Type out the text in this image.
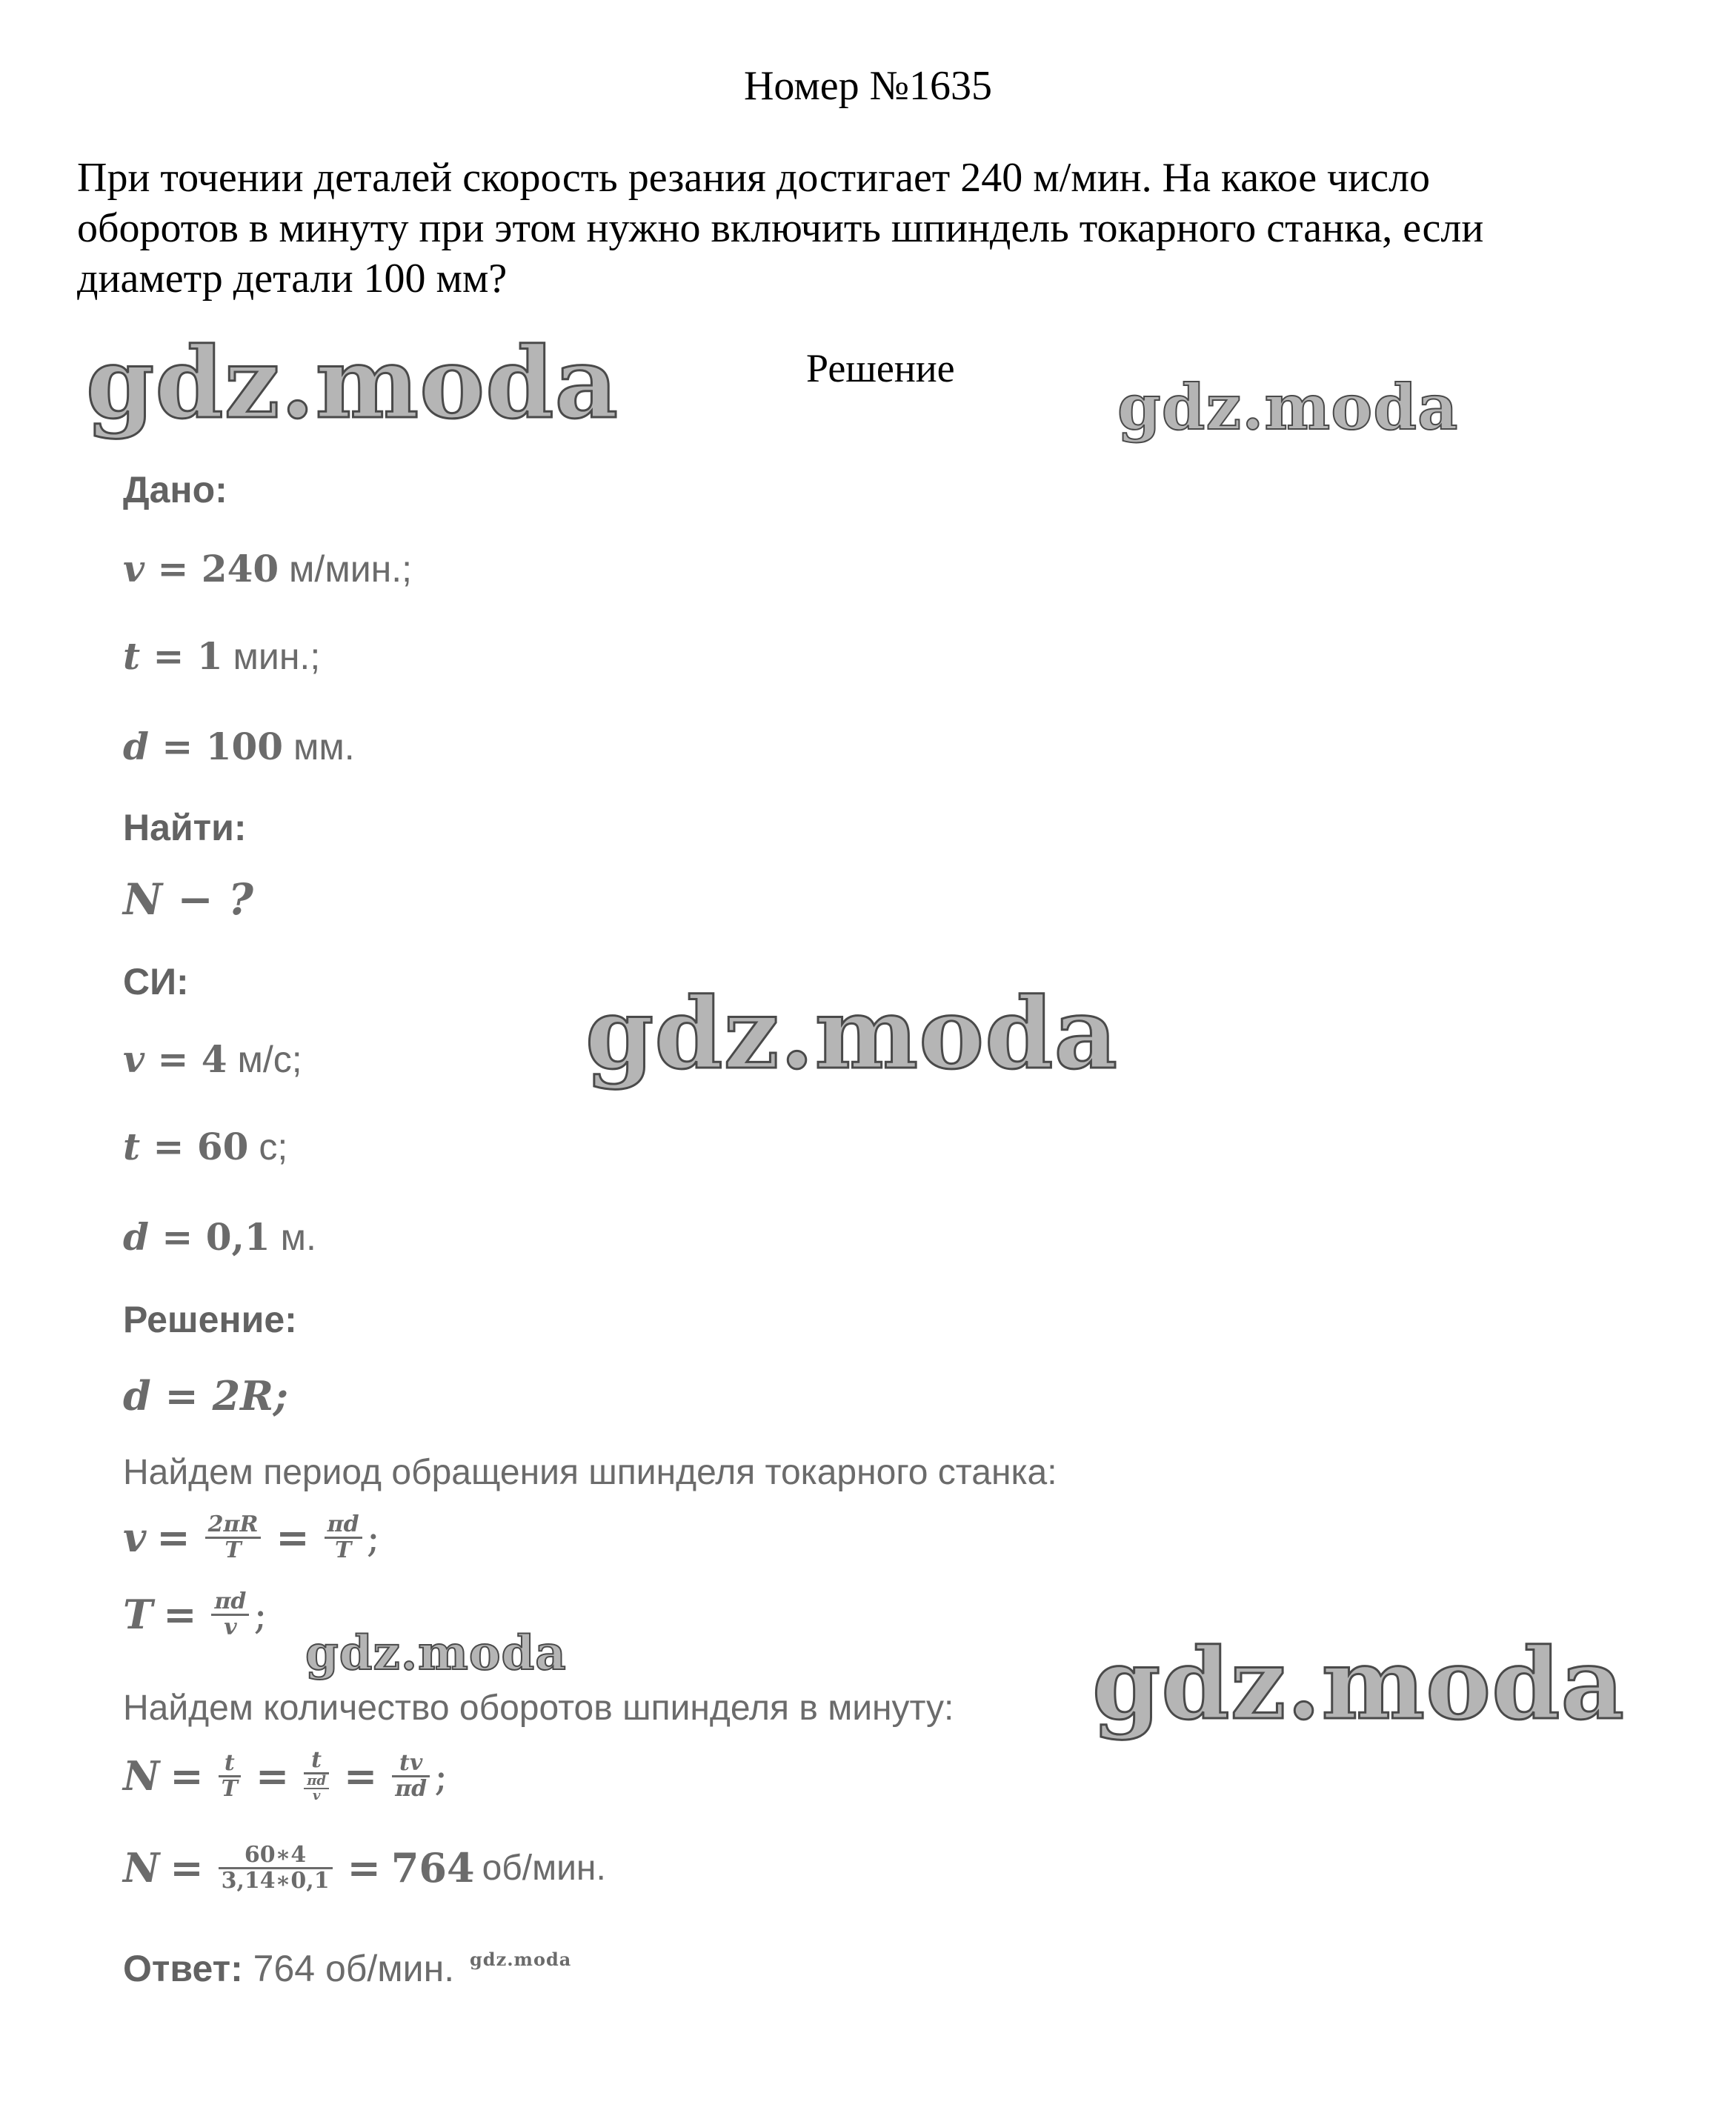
Номер №1635
При точении деталей скорость резания достигает 240 м/мин. На какое число
оборотов в минуту при этом нужно включить шпиндель токарного станка, если
диаметр детали 100 мм?
Решение
gdz.moda	gdz.moda
gdz.moda
gdz.moda	gdz.moda
gdz.moda
Дано:
v = 240 м/мин.;
t = 1 мин.;
d = 100 мм.
Найти:
N − ?
СИ:
v = 4 м/с;
t = 60 с;
d = 0,1 м.
Решение:
d = 2R;
Найдем период обращения шпинделя токарного станка:
$v = \frac{2\pi R}{T} = \frac{\pi d}{T}$ ;
$T = \frac{\pi d}{v}$ ;
Найдем количество оборотов шпинделя в минуту:
$N = \frac{t}{T} = t$
πd
$v = \frac{tv}{\pi d}$ ;
$N = \frac{60∗4}{3,14∗0,1} = 764$ об/мин.
Ответ: 764 об/мин.
